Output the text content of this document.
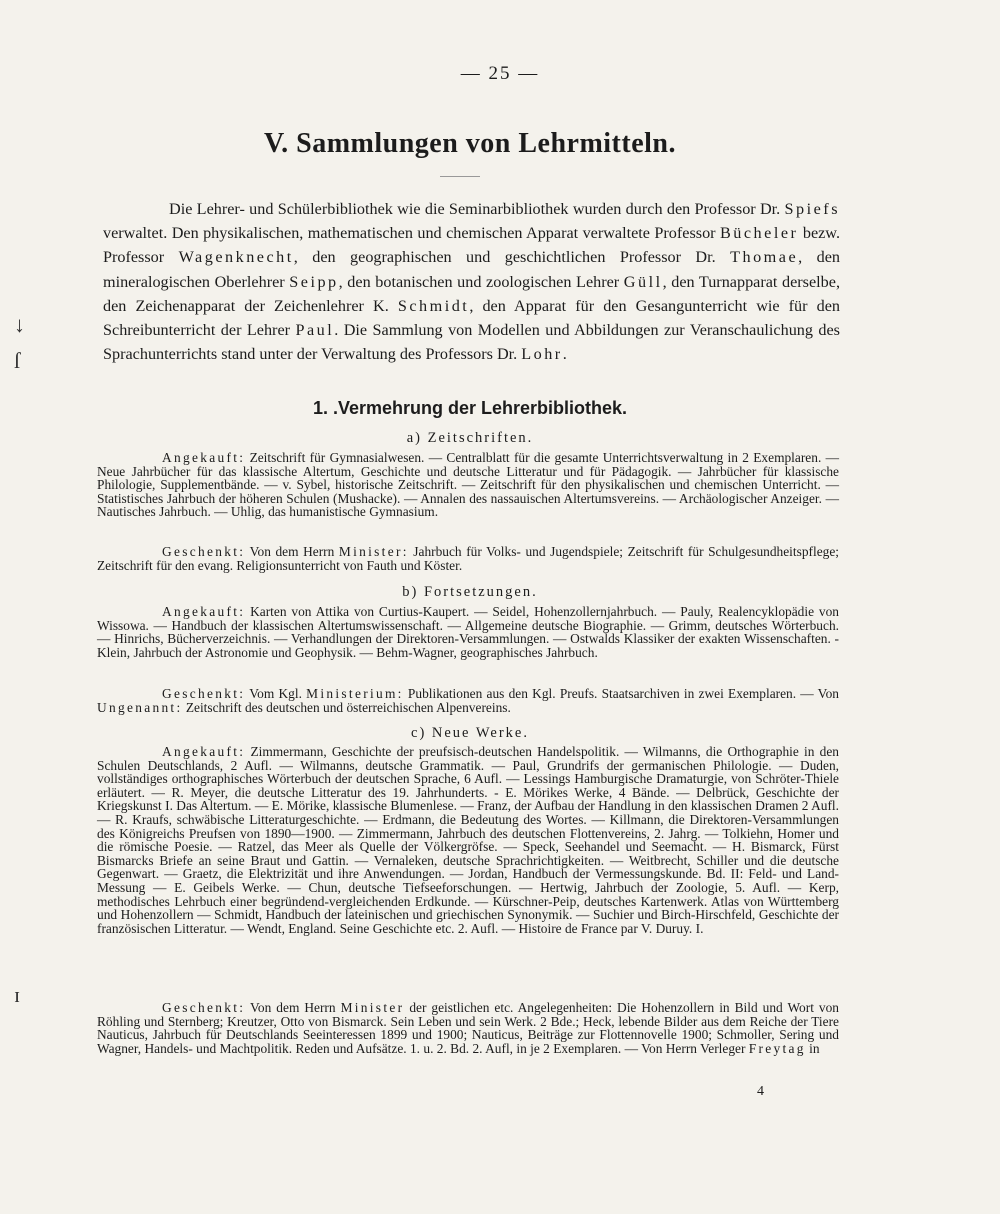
— 25 —
V. Sammlungen von Lehrmitteln.
Die Lehrer- und Schülerbibliothek wie die Seminarbibliothek wurden durch den Professor Dr. Spiefs verwaltet. Den physikalischen, mathematischen und chemischen Apparat verwaltete Professor Bücheler bezw. Professor Wagenknecht, den geographischen und geschichtlichen Professor Dr. Thomae, den mineralogischen Oberlehrer Seipp, den botanischen und zoologischen Lehrer Güll, den Turnapparat derselbe, den Zeichenapparat der Zeichenlehrer K. Schmidt, den Apparat für den Gesangunterricht wie für den Schreibunterricht der Lehrer Paul. Die Sammlung von Modellen und Abbildungen zur Veranschaulichung des Sprachunterrichts stand unter der Verwaltung des Professors Dr. Lohr.
1. .Vermehrung der Lehrerbibliothek.
a) Zeitschriften.

Angekauft: Zeitschrift für Gymnasialwesen. — Centralblatt für die gesamte Unterrichtsverwaltung in 2 Exemplaren. — Neue Jahrbücher für das klassische Altertum, Geschichte und deutsche Litteratur und für Pädagogik. — Jahrbücher für klassische Philologie, Supplementbände. — v. Sybel, historische Zeitschrift. — Zeitschrift für den physikalischen und chemischen Unterricht. — Statistisches Jahrbuch der höheren Schulen (Mushacke). — Annalen des nassauischen Altertumsvereins. — Archäologischer Anzeiger. — Nautisches Jahrbuch. — Uhlig, das humanistische Gymnasium.

Geschenkt: Von dem Herrn Minister: Jahrbuch für Volks- und Jugendspiele; Zeitschrift für Schulgesundheitspflege; Zeitschrift für den evang. Religionsunterricht von Fauth und Köster.

b) Fortsetzungen.

Angekauft: Karten von Attika von Curtius-Kaupert. — Seidel, Hohenzollernjahrbuch. — Pauly, Realencyklopädie von Wissowa. — Handbuch der klassischen Altertumswissenschaft. — Allgemeine deutsche Biographie. — Grimm, deutsches Wörterbuch. — Hinrichs, Bücherverzeichnis. — Verhandlungen der Direktoren-Versammlungen. — Ostwalds Klassiker der exakten Wissenschaften. - Klein, Jahrbuch der Astronomie und Geophysik. — Behm-Wagner, geographisches Jahrbuch.

Geschenkt: Vom Kgl. Ministerium: Publikationen aus den Kgl. Preufs. Staatsarchiven in zwei Exemplaren. — Von Ungenannt: Zeitschrift des deutschen und österreichischen Alpenvereins.

c) Neue Werke.

Angekauft: Zimmermann, Geschichte der preufsisch-deutschen Handelspolitik. — Wilmanns, die Orthographie in den Schulen Deutschlands, 2 Aufl. — Wilmanns, deutsche Grammatik. — Paul, Grundrifs der germanischen Philologie. — Duden, vollständiges orthographisches Wörterbuch der deutschen Sprache, 6 Aufl. — Lessings Hamburgische Dramaturgie, von Schröter-Thiele erläutert. — R. Meyer, die deutsche Litteratur des 19. Jahrhunderts. - E. Mörikes Werke, 4 Bände. — Delbrück, Geschichte der Kriegskunst I. Das Altertum. — E. Mörike, klassische Blumenlese. — Franz, der Aufbau der Handlung in den klassischen Dramen 2 Aufl. — R. Kraufs, schwäbische Litteraturgeschichte. — Erdmann, die Bedeutung des Wortes. — Killmann, die Direktoren-Versammlungen des Königreichs Preufsen von 1890—1900. — Zimmermann, Jahrbuch des deutschen Flottenvereins, 2. Jahrg. — Tolkiehn, Homer und die römische Poesie. — Ratzel, das Meer als Quelle der Völkergröfse. — Speck, Seehandel und Seemacht. — H. Bismarck, Fürst Bismarcks Briefe an seine Braut und Gattin. — Vernaleken, deutsche Sprachrichtigkeiten. — Weitbrecht, Schiller und die deutsche Gegenwart. — Graetz, die Elektrizität und ihre Anwendungen. — Jordan, Handbuch der Vermessungskunde. Bd. II: Feld- und Land-Messung — E. Geibels Werke. — Chun, deutsche Tiefseeforschungen. — Hertwig, Jahrbuch der Zoologie, 5. Aufl. — Kerp, methodisches Lehrbuch einer begründend-vergleichenden Erdkunde. — Kürschner-Peip, deutsches Kartenwerk. Atlas von Württemberg und Hohenzollern — Schmidt, Handbuch der lateinischen und griechischen Synonymik. — Suchier und Birch-Hirschfeld, Geschichte der französischen Litteratur. — Wendt, England. Seine Geschichte etc. 2. Aufl. — Histoire de France par V. Duruy. I.

Geschenkt: Von dem Herrn Minister der geistlichen etc. Angelegenheiten: Die Hohenzollern in Bild und Wort von Röhling und Sternberg; Kreutzer, Otto von Bismarck. Sein Leben und sein Werk. 2 Bde.; Heck, lebende Bilder aus dem Reiche der Tiere Nauticus, Jahrbuch für Deutschlands Seeinteressen 1899 und 1900; Nauticus, Beiträge zur Flottennovelle 1900; Schmoller, Sering und Wagner, Handels- und Machtpolitik. Reden und Aufsätze. 1. u. 2. Bd. 2. Aufl, in je 2 Exemplaren. — Von Herrn Verleger Freytag in

4
↓
ſ
ɪ
